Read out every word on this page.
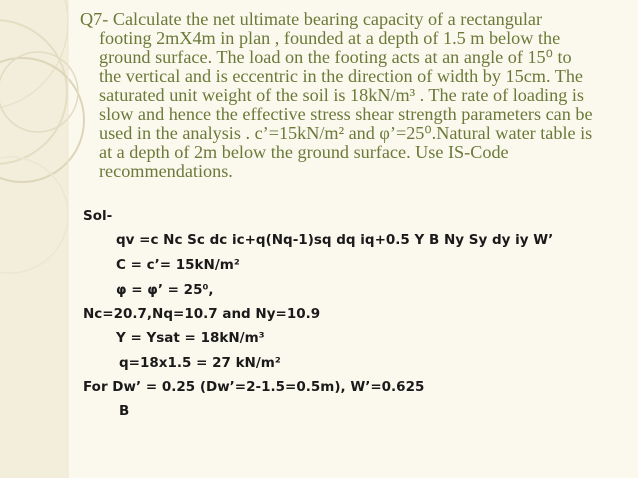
Q7- Calculate the net ultimate bearing capacity of a rectangular
footing 2mX4m in plan , founded at a depth of 1.5 m below the
ground surface. The load on the footing acts at an angle of 15⁰ to
the vertical and is eccentric in the direction of width by 15cm. The
saturated unit weight of the soil is 18kN/m³ . The rate of loading is
slow and hence the effective stress shear strength parameters can be
used in the analysis . c’=15kN/m² and φ’=25⁰.Natural water table is
at a depth of 2m below the ground surface. Use IS-Code
recommendations.
Sol-
qv =c Nc Sc dc ic+q(Nq-1)sq dq iq+0.5 Y B Ny Sy dy iy W’
C = c’= 15kN/m²
φ = φ’ = 25⁰,
Nc=20.7,Nq=10.7 and Ny=10.9
Y = Ysat = 18kN/m³
q=18x1.5 = 27 kN/m²
For Dw’ = 0.25 (Dw’=2-1.5=0.5m), W’=0.625
B
